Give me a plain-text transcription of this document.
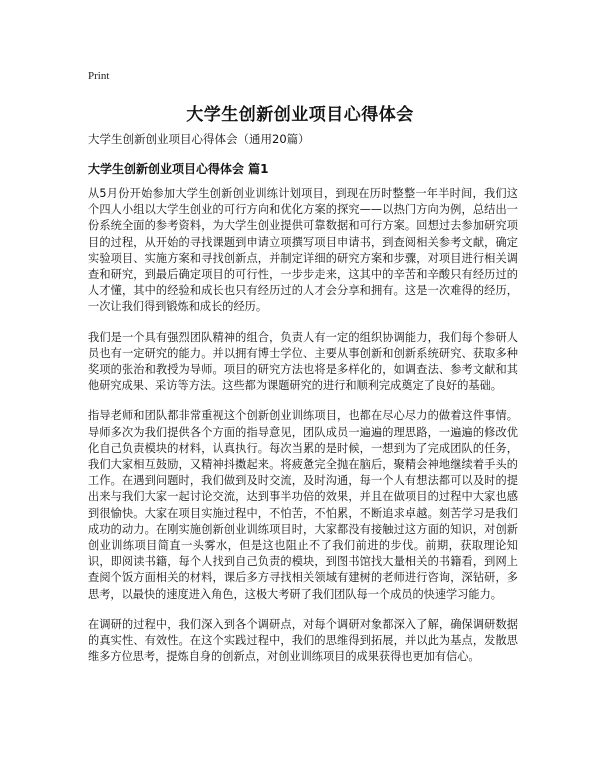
Print
大学生创新创业项目心得体会
大学生创新创业项目心得体会（通用20篇）
大学生创新创业项目心得体会 篇1

从5月份开始参加大学生创新创业训练计划项目，到现在历时整整一年半时间，我们这个四人小组以大学生创业的可行方向和优化方案的探究——以热门方向为例，总结出一份系统全面的参考资料，为大学生创业提供可靠数据和可行方案。回想过去参加研究项目的过程，从开始的寻找课题到申请立项撰写项目申请书，到查阅相关参考文献，确定实验项目、实施方案和寻找创新点，并制定详细的研究方案和步骤，对项目进行相关调查和研究，到最后确定项目的可行性，一步步走来，这其中的辛苦和辛酸只有经历过的人才懂，其中的经验和成长也只有经历过的人才会分享和拥有。这是一次难得的经历，一次让我们得到锻炼和成长的经历。

我们是一个具有强烈团队精神的组合，负责人有一定的组织协调能力，我们每个参研人员也有一定研究的能力。并以拥有博士学位、主要从事创新和创新系统研究、获取多种奖项的张治和教授为导师。项目的研究方法也将是多样化的，如调查法、参考文献和其他研究成果、采访等方法。这些都为课题研究的进行和顺利完成奠定了良好的基础。

指导老师和团队都非常重视这个创新创业训练项目，也都在尽心尽力的做着这件事情。导师多次为我们提供各个方面的指导意见，团队成员一遍遍的理思路，一遍遍的修改优化自己负责模块的材料，认真执行。每次当累的是时候，一想到为了完成团队的任务，我们大家相互鼓励，又精神抖擞起来。将疲惫完全抛在脑后，聚精会神地继续着手头的工作。在遇到问题时，我们做到及时交流，及时沟通，每一个人有想法都可以及时的提出来与我们大家一起讨论交流，达到事半功倍的效果，并且在做项目的过程中大家也感到很愉快。大家在项目实施过程中，不怕苦，不怕累，不断追求卓越。刻苦学习是我们成功的动力。在刚实施创新创业训练项目时，大家都没有接触过这方面的知识，对创新创业训练项目简直一头雾水，但是这也阻止不了我们前进的步伐。前期，获取理论知识，即阅读书籍，每个人找到自己负责的模块，到图书馆找大量相关的书籍看，到网上查阅个饭方面相关的材料，课后多方寻找相关领域有建树的老师进行咨询，深钻研，多思考，以最快的速度进入角色，这极大考研了我们团队每一个成员的快速学习能力。

在调研的过程中，我们深入到各个调研点，对每个调研对象都深入了解，确保调研数据的真实性、有效性。在这个实践过程中，我们的思维得到拓展，并以此为基点，发散思维多方位思考，提炼自身的创新点，对创业训练项目的成果获得也更加有信心。
